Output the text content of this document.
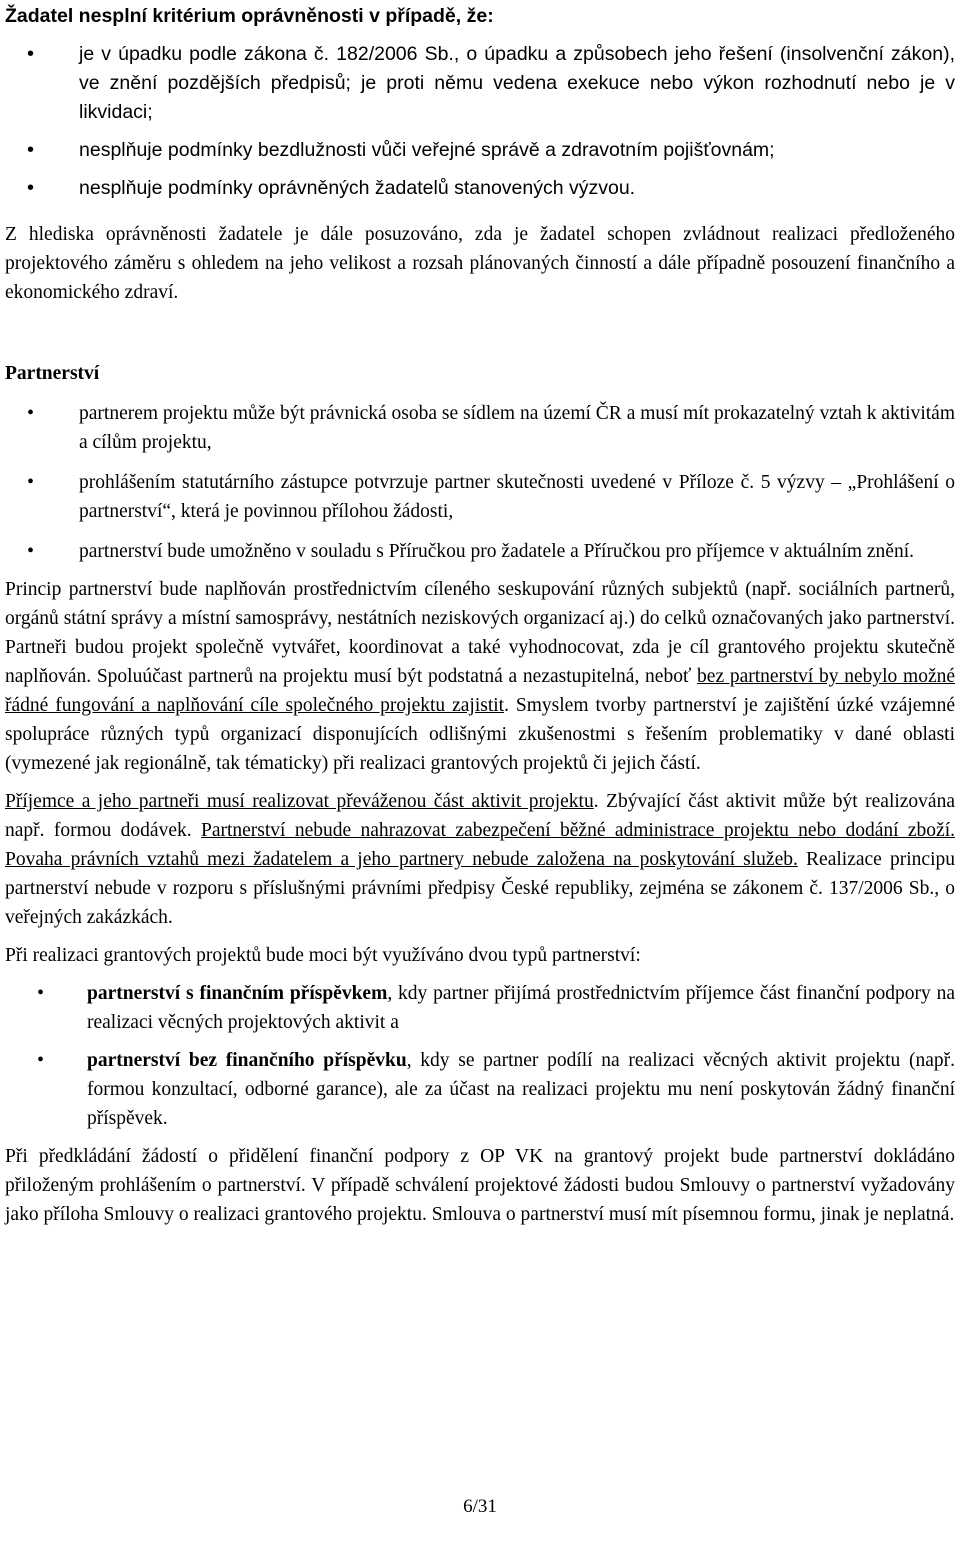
Žadatel nesplní kritérium oprávněnosti v případě, že:

• je v úpadku podle zákona č. 182/2006 Sb., o úpadku a způsobech jeho řešení (insolvenční zákon), ve znění pozdějších předpisů; je proti němu vedena exekuce nebo výkon rozhodnutí nebo je v likvidaci;
• nesplňuje podmínky bezdlužnosti vůči veřejné správě a zdravotním pojišťovnám;
• nesplňuje podmínky oprávněných žadatelů stanovených výzvou.

Z hlediska oprávněnosti žadatele je dále posuzováno, zda je žadatel schopen zvládnout realizaci předloženého projektového záměru s ohledem na jeho velikost a rozsah plánovaných činností a dále případně posouzení finančního a ekonomického zdraví.

Partnerství

• partnerem projektu může být právnická osoba se sídlem na území ČR a musí mít prokazatelný vztah k aktivitám a cílům projektu,
• prohlášením statutárního zástupce potvrzuje partner skutečnosti uvedené v Příloze č. 5 výzvy – „Prohlášení o partnerství“, která je povinnou přílohou žádosti,
• partnerství bude umožněno v souladu s Příručkou pro žadatele a Příručkou pro příjemce v aktuálním znění.

Princip partnerství bude naplňován prostřednictvím cíleného seskupování různých subjektů (např. sociálních partnerů, orgánů státní správy a místní samosprávy, nestátních neziskových organizací aj.) do celků označovaných jako partnerství. Partneři budou projekt společně vytvářet, koordinovat a také vyhodnocovat, zda je cíl grantového projektu skutečně naplňován. Spoluúčast partnerů na projektu musí být podstatná a nezastupitelná, neboť bez partnerství by nebylo možné řádné fungování a naplňování cíle společného projektu zajistit. Smyslem tvorby partnerství je zajištění úzké vzájemné spolupráce různých typů organizací disponujících odlišnými zkušenostmi s řešením problematiky v dané oblasti (vymezené jak regionálně, tak tématicky) při realizaci grantových projektů či jejich částí.

Příjemce a jeho partneři musí realizovat převáženou část aktivit projektu. Zbývající část aktivit může být realizována např. formou dodávek. Partnerství nebude nahrazovat zabezpečení běžné administrace projektu nebo dodání zboží. Povaha právních vztahů mezi žadatelem a jeho partnery nebude založena na poskytování služeb. Realizace principu partnerství nebude v rozporu s příslušnými právními předpisy České republiky, zejména se zákonem č. 137/2006 Sb., o veřejných zakázkách.

Při realizaci grantových projektů bude moci být využíváno dvou typů partnerství:

• partnerství s finančním příspěvkem, kdy partner přijímá prostřednictvím příjemce část finanční podpory na realizaci věcných projektových aktivit a
• partnerství bez finančního příspěvku, kdy se partner podílí na realizaci věcných aktivit projektu (např. formou konzultací, odborné garance), ale za účast na realizaci projektu mu není poskytován žádný finanční příspěvek.

Při předkládání žádostí o přidělení finanční podpory z OP VK na grantový projekt bude partnerství dokládáno přiloženým prohlášením o partnerství. V případě schválení projektové žádosti budou Smlouvy o partnerství vyžadovány jako příloha Smlouvy o realizaci grantového projektu. Smlouva o partnerství musí mít písemnou formu, jinak je neplatná.

6/31
